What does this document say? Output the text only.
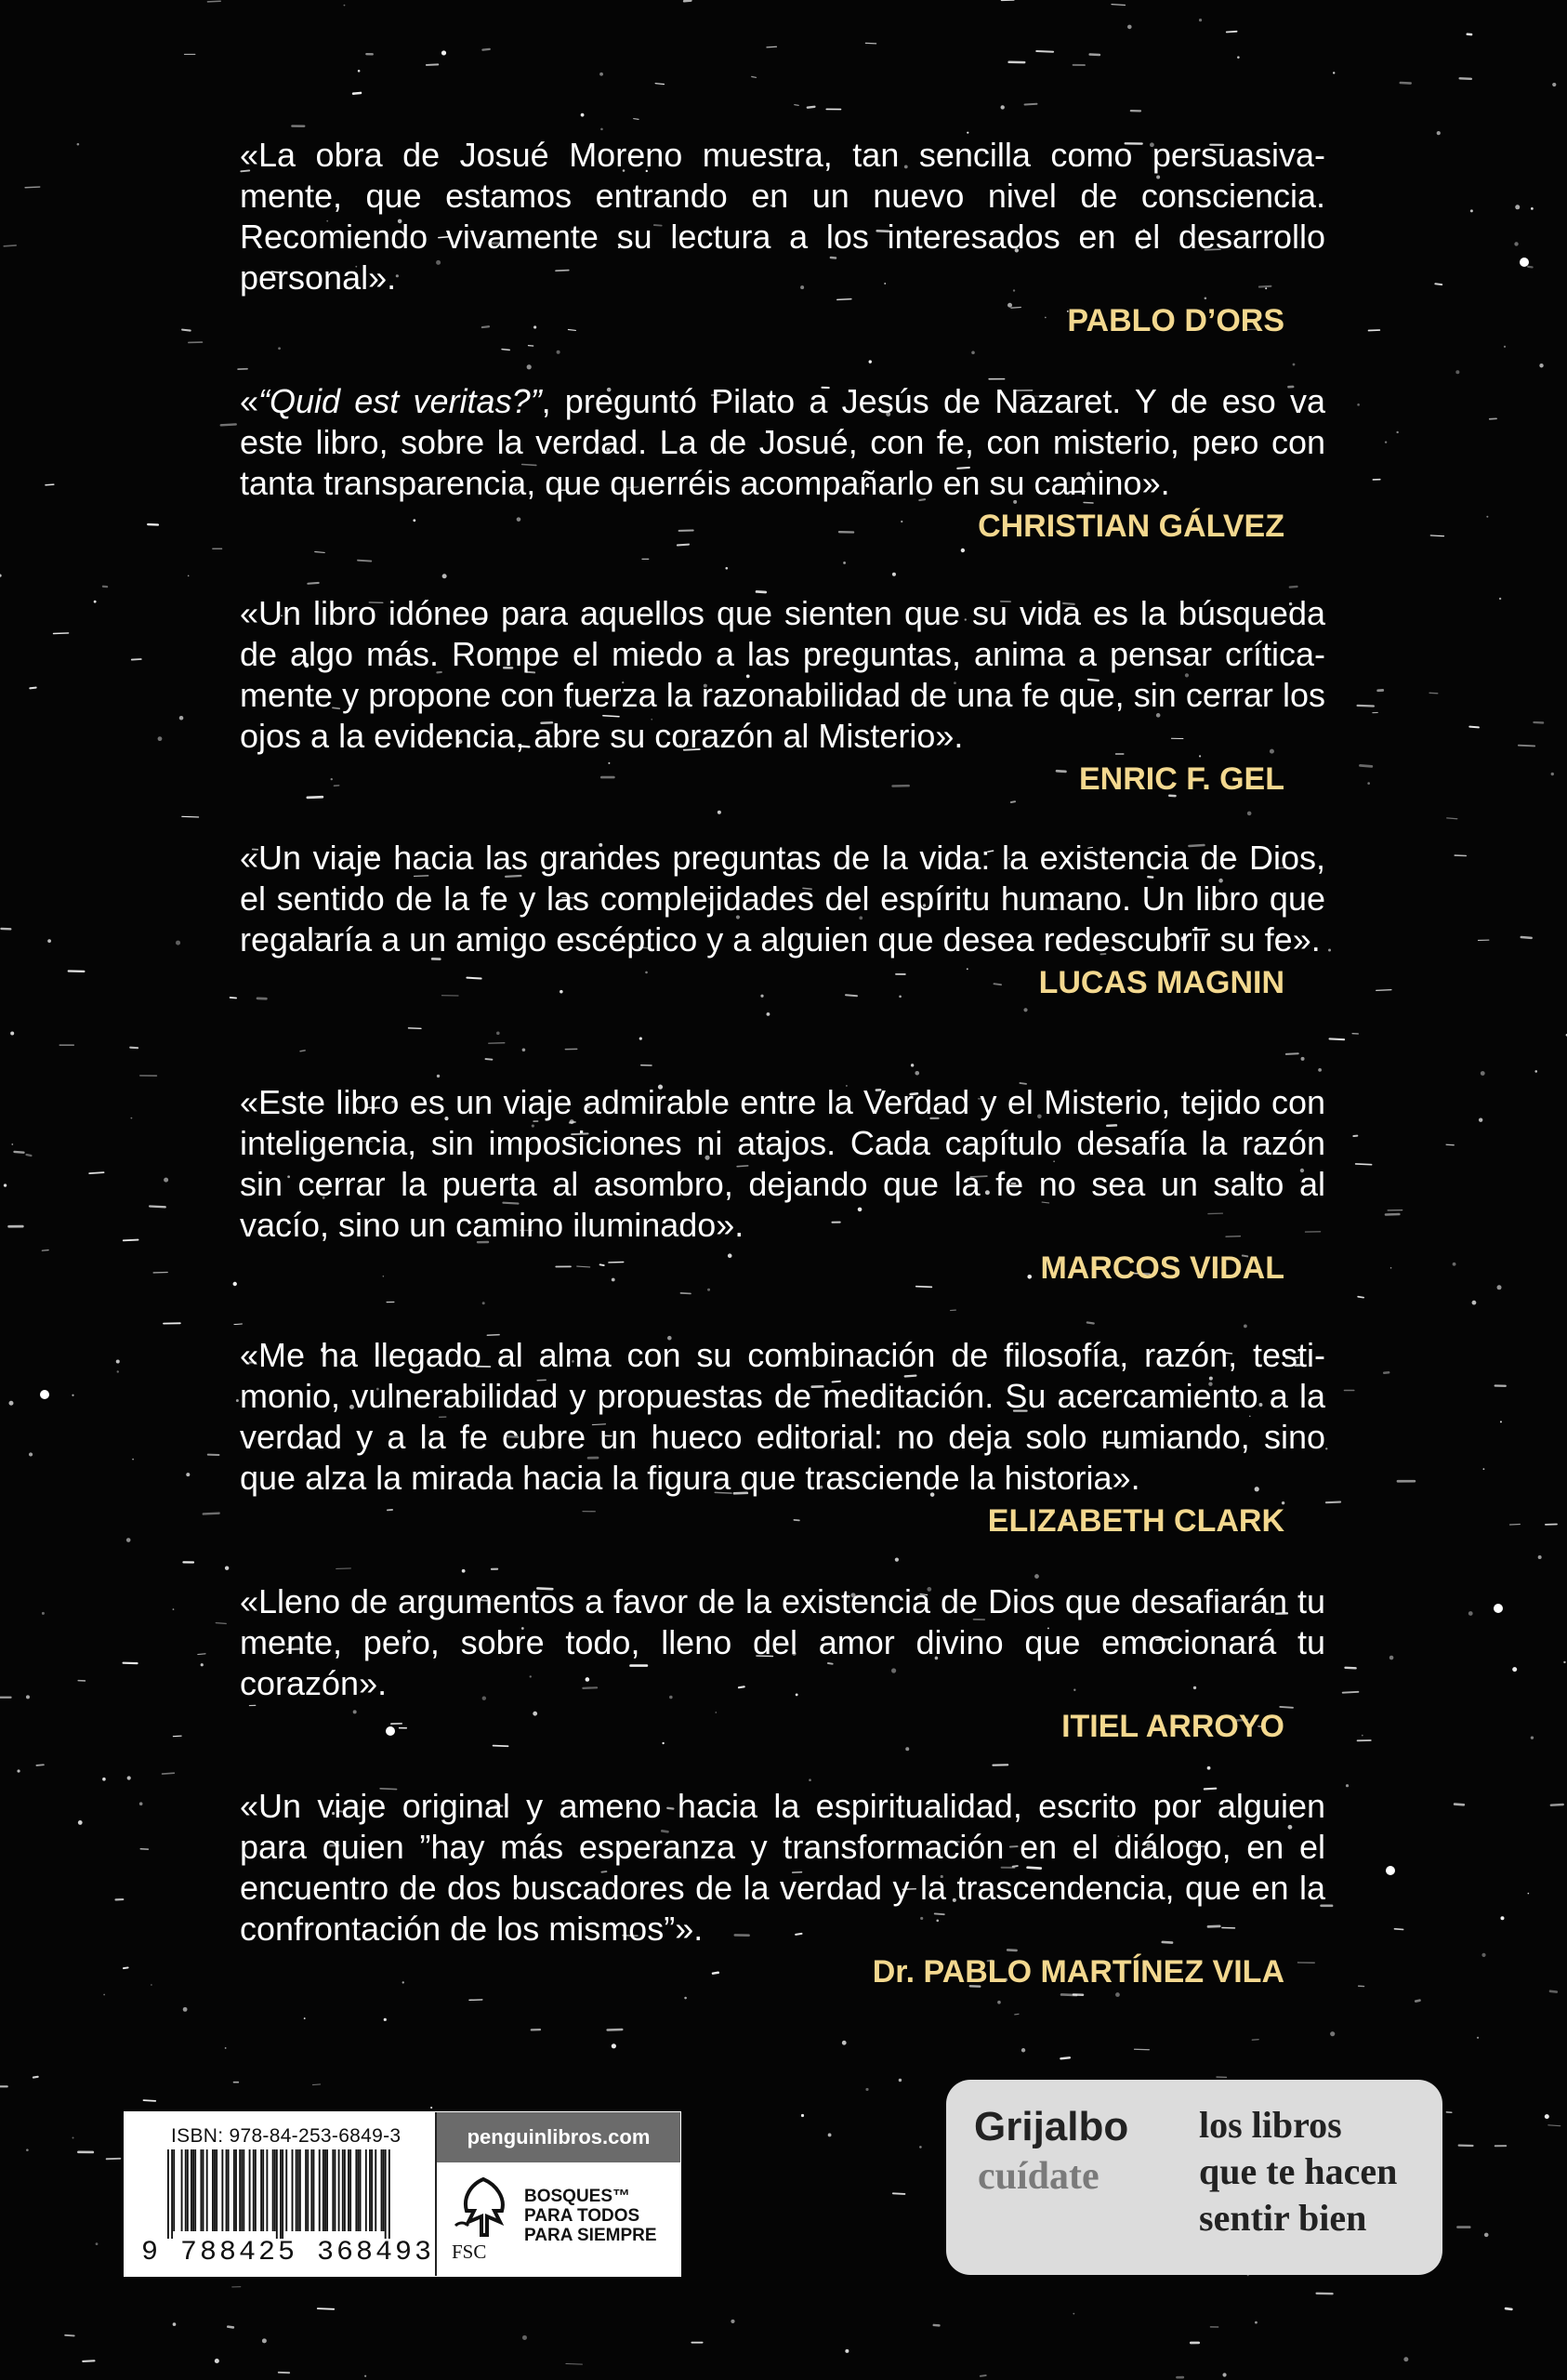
«La obra de Josué Moreno muestra, tan sencilla como persuasiva-mente, que estamos entrando en un nuevo nivel de consciencia. Recomiendo vivamente su lectura a los interesados en el desarrollo personal».

PABLO D’ORS

«“Quid est veritas?”, preguntó Pilato a Jesús de Nazaret. Y de eso va este libro, sobre la verdad. La de Josué, con fe, con misterio, pero con tanta transparencia, que querréis acompañarlo en su camino».

CHRISTIAN GÁLVEZ

«Un libro idóneo para aquellos que sienten que su vida es la búsqueda de algo más. Rompe el miedo a las preguntas, anima a pensar crítica-mente y propone con fuerza la razonabilidad de una fe que, sin cerrar los ojos a la evidencia, abre su corazón al Misterio».

ENRIC F. GEL

«Un viaje hacia las grandes preguntas de la vida: la existencia de Dios, el sentido de la fe y las complejidades del espíritu humano. Un libro que regalaría a un amigo escéptico y a alguien que desea redescubrir su fe».

LUCAS MAGNIN

«Este libro es un viaje admirable entre la Verdad y el Misterio, tejido con inteligencia, sin imposiciones ni atajos. Cada capítulo desafía la razón sin cerrar la puerta al asombro, dejando que la fe no sea un salto al vacío, sino un camino iluminado».

MARCOS VIDAL

«Me ha llegado al alma con su combinación de filosofía, razón, testi-monio, vulnerabilidad y propuestas de meditación. Su acercamiento a la verdad y a la fe cubre un hueco editorial: no deja solo rumiando, sino que alza la mirada hacia la figura que trasciende la historia».

ELIZABETH CLARK

«Lleno de argumentos a favor de la existencia de Dios que desafiarán tu mente, pero, sobre todo, lleno del amor divino que emocionará tu corazón».

ITIEL ARROYO

«Un viaje original y ameno hacia la espiritualidad, escrito por alguien para quien ”hay más esperanza y transformación en el diálogo, en el encuentro de dos buscadores de la verdad y la trascendencia, que en la confrontación de los mismos”».

Dr. PABLO MARTÍNEZ VILA
ISBN: 978-84-253-6849-3
9 788425 368493
penguinlibros.com
FSC
BOSQUES™
PARA TODOS
PARA SIEMPRE
Grijalbo
cuídate
los libros
que te hacen
sentir bien
